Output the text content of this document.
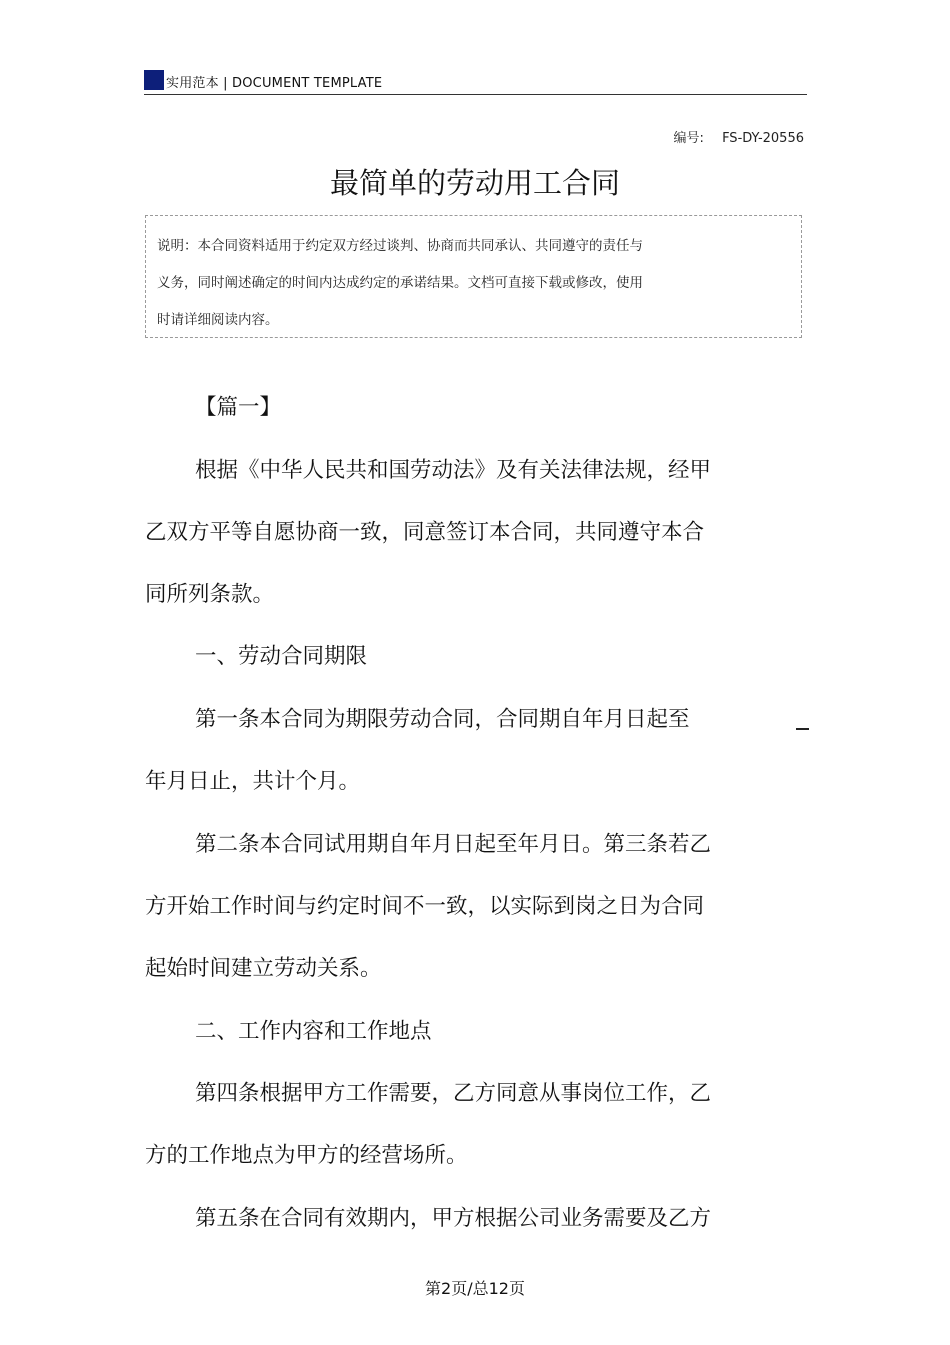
实用范本 | DOCUMENT TEMPLATE
编号: FS-DY-20556
最简单的劳动用工合同
说明：本合同资料适用于约定双方经过谈判、协商而共同承认、共同遵守的责任与
义务，同时阐述确定的时间内达成约定的承诺结果。文档可直接下载或修改，使用
时请详细阅读内容。
【篇一】
根据《中华人民共和国劳动法》及有关法律法规，经甲
乙双方平等自愿协商一致，同意签订本合同，共同遵守本合
同所列条款。
一、劳动合同期限
第一条本合同为期限劳动合同，合同期自年月日起至
年月日止，共计个月。
第二条本合同试用期自年月日起至年月日。第三条若乙
方开始工作时间与约定时间不一致，以实际到岗之日为合同
起始时间建立劳动关系。
二、工作内容和工作地点
第四条根据甲方工作需要，乙方同意从事岗位工作，乙
方的工作地点为甲方的经营场所。
第五条在合同有效期内，甲方根据公司业务需要及乙方
第2页/总12页
